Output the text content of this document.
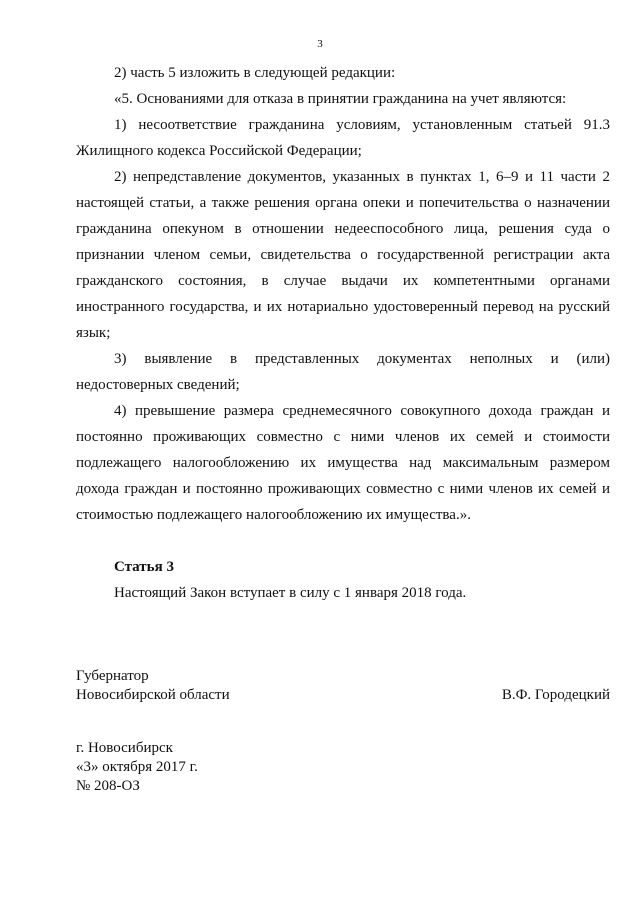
3

2) часть 5 изложить в следующей редакции:

«5. Основаниями для отказа в принятии гражданина на учет являются:

1) несоответствие гражданина условиям, установленным статьей 91.3 Жилищного кодекса Российской Федерации;

2) непредставление документов, указанных в пунктах 1, 6–9 и 11 части 2 настоящей статьи, а также решения органа опеки и попечительства о назначении гражданина опекуном в отношении недееспособного лица, решения суда о признании членом семьи, свидетельства о государственной регистрации акта гражданского состояния, в случае выдачи их компетентными органами иностранного государства, и их нотариально удостоверенный перевод на русский язык;

3) выявление в представленных документах неполных и (или) недостоверных сведений;

4) превышение размера среднемесячного совокупного дохода граждан и постоянно проживающих совместно с ними членов их семей и стоимости подлежащего налогообложению их имущества над максимальным размером дохода граждан и постоянно проживающих совместно с ними членов их семей и стоимостью подлежащего налогообложению их имущества.».

Статья 3

Настоящий Закон вступает в силу с 1 января 2018 года.

Губернатор
Новосибирской области	В.Ф. Городецкий
г. Новосибирск
«3» октября 2017 г.
№ 208-ОЗ
